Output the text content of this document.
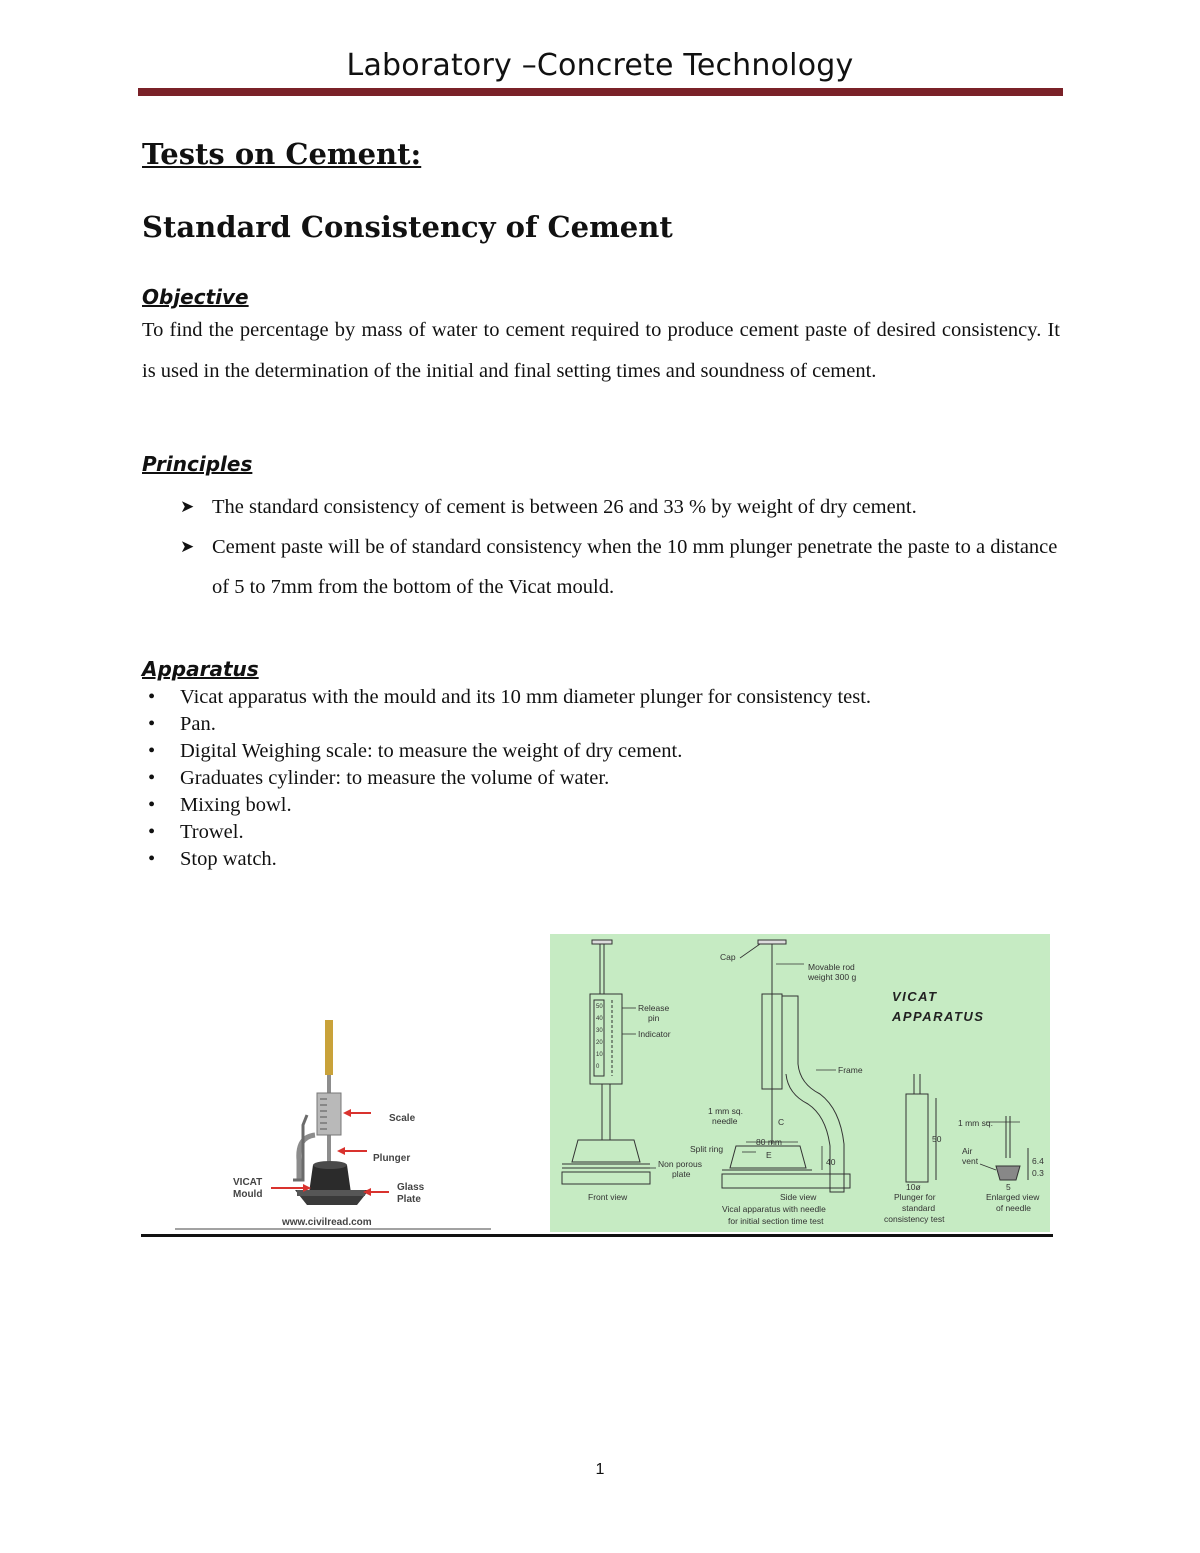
Laboratory –Concrete Technology
Tests on Cement:
Standard Consistency of Cement
Objective
To find the percentage by mass of water to cement required to produce cement paste of desired consistency. It is used in the determination of the initial and final setting times and soundness of cement.
Principles
➤ The standard consistency of cement is between 26 and 33 % by weight of dry cement.
➤ Cement paste will be of standard consistency when the 10 mm plunger penetrate the paste to a distance of 5 to 7mm from the bottom of the Vicat mould.
Apparatus
• Vicat apparatus with the mould and its 10 mm diameter plunger for consistency test.
• Pan.
• Digital Weighing scale: to measure the weight of dry cement.
• Graduates cylinder: to measure the volume of water.
• Mixing bowl.
• Trowel.
• Stop watch.
Scale
Plunger
Glass
Plate
VICAT
Mould
www.civilread.com
50
40
30
20
10
0
Release
pin
Indicator
Non porous
plate
Front view
Cap
Movable rod
weight 300 g
Frame
1 mm sq.
needle	C
Split ring
80 mm
E
40
Side view
Vical apparatus with needle
for initial section time test
50
10ø
Plunger for
standard
consistency test
1 mm sq.
Air
vent	6.4
0.3
5
Enlarged view
of needle
VICAT
APPARATUS
1
